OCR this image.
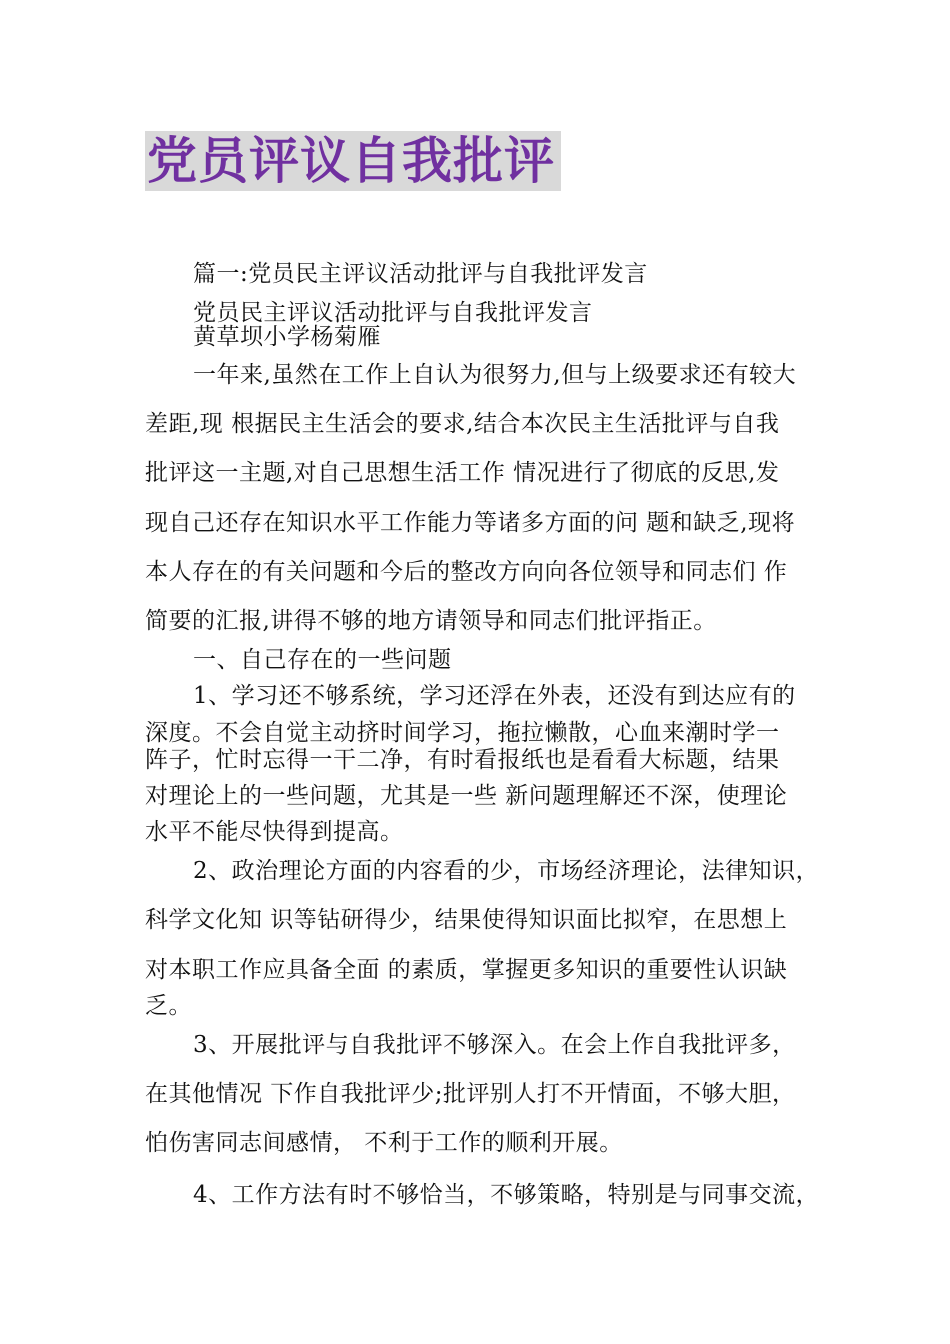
党员评议自我批评
篇一:党员民主评议活动批评与自我批评发言
党员民主评议活动批评与自我批评发言
黄草坝小学杨菊雁
一年来,虽然在工作上自认为很努力,但与上级要求还有较大
差距,现 根据民主生活会的要求,结合本次民主生活批评与自我
批评这一主题,对自己思想生活工作 情况进行了彻底的反思,发
现自己还存在知识水平工作能力等诸多方面的问 题和缺乏,现将
本人存在的有关问题和今后的整改方向向各位领导和同志们 作
简要的汇报,讲得不够的地方请领导和同志们批评指正。
一、自己存在的一些问题
1、学习还不够系统，学习还浮在外表，还没有到达应有的
深度。不会自觉主动挤时间学习，拖拉懒散，心血来潮时学一
阵子，忙时忘得一干二净，有时看报纸也是看看大标题，结果
对理论上的一些问题，尤其是一些 新问题理解还不深，使理论
水平不能尽快得到提高。
2、政治理论方面的内容看的少，市场经济理论，法律知识，
科学文化知 识等钻研得少，结果使得知识面比拟窄，在思想上
对本职工作应具备全面 的素质，掌握更多知识的重要性认识缺
乏。
3、开展批评与自我批评不够深入。在会上作自我批评多，
在其他情况 下作自我批评少;批评别人打不开情面，不够大胆，
怕伤害同志间感情， 不利于工作的顺利开展。
4、工作方法有时不够恰当，不够策略，特别是与同事交流，
